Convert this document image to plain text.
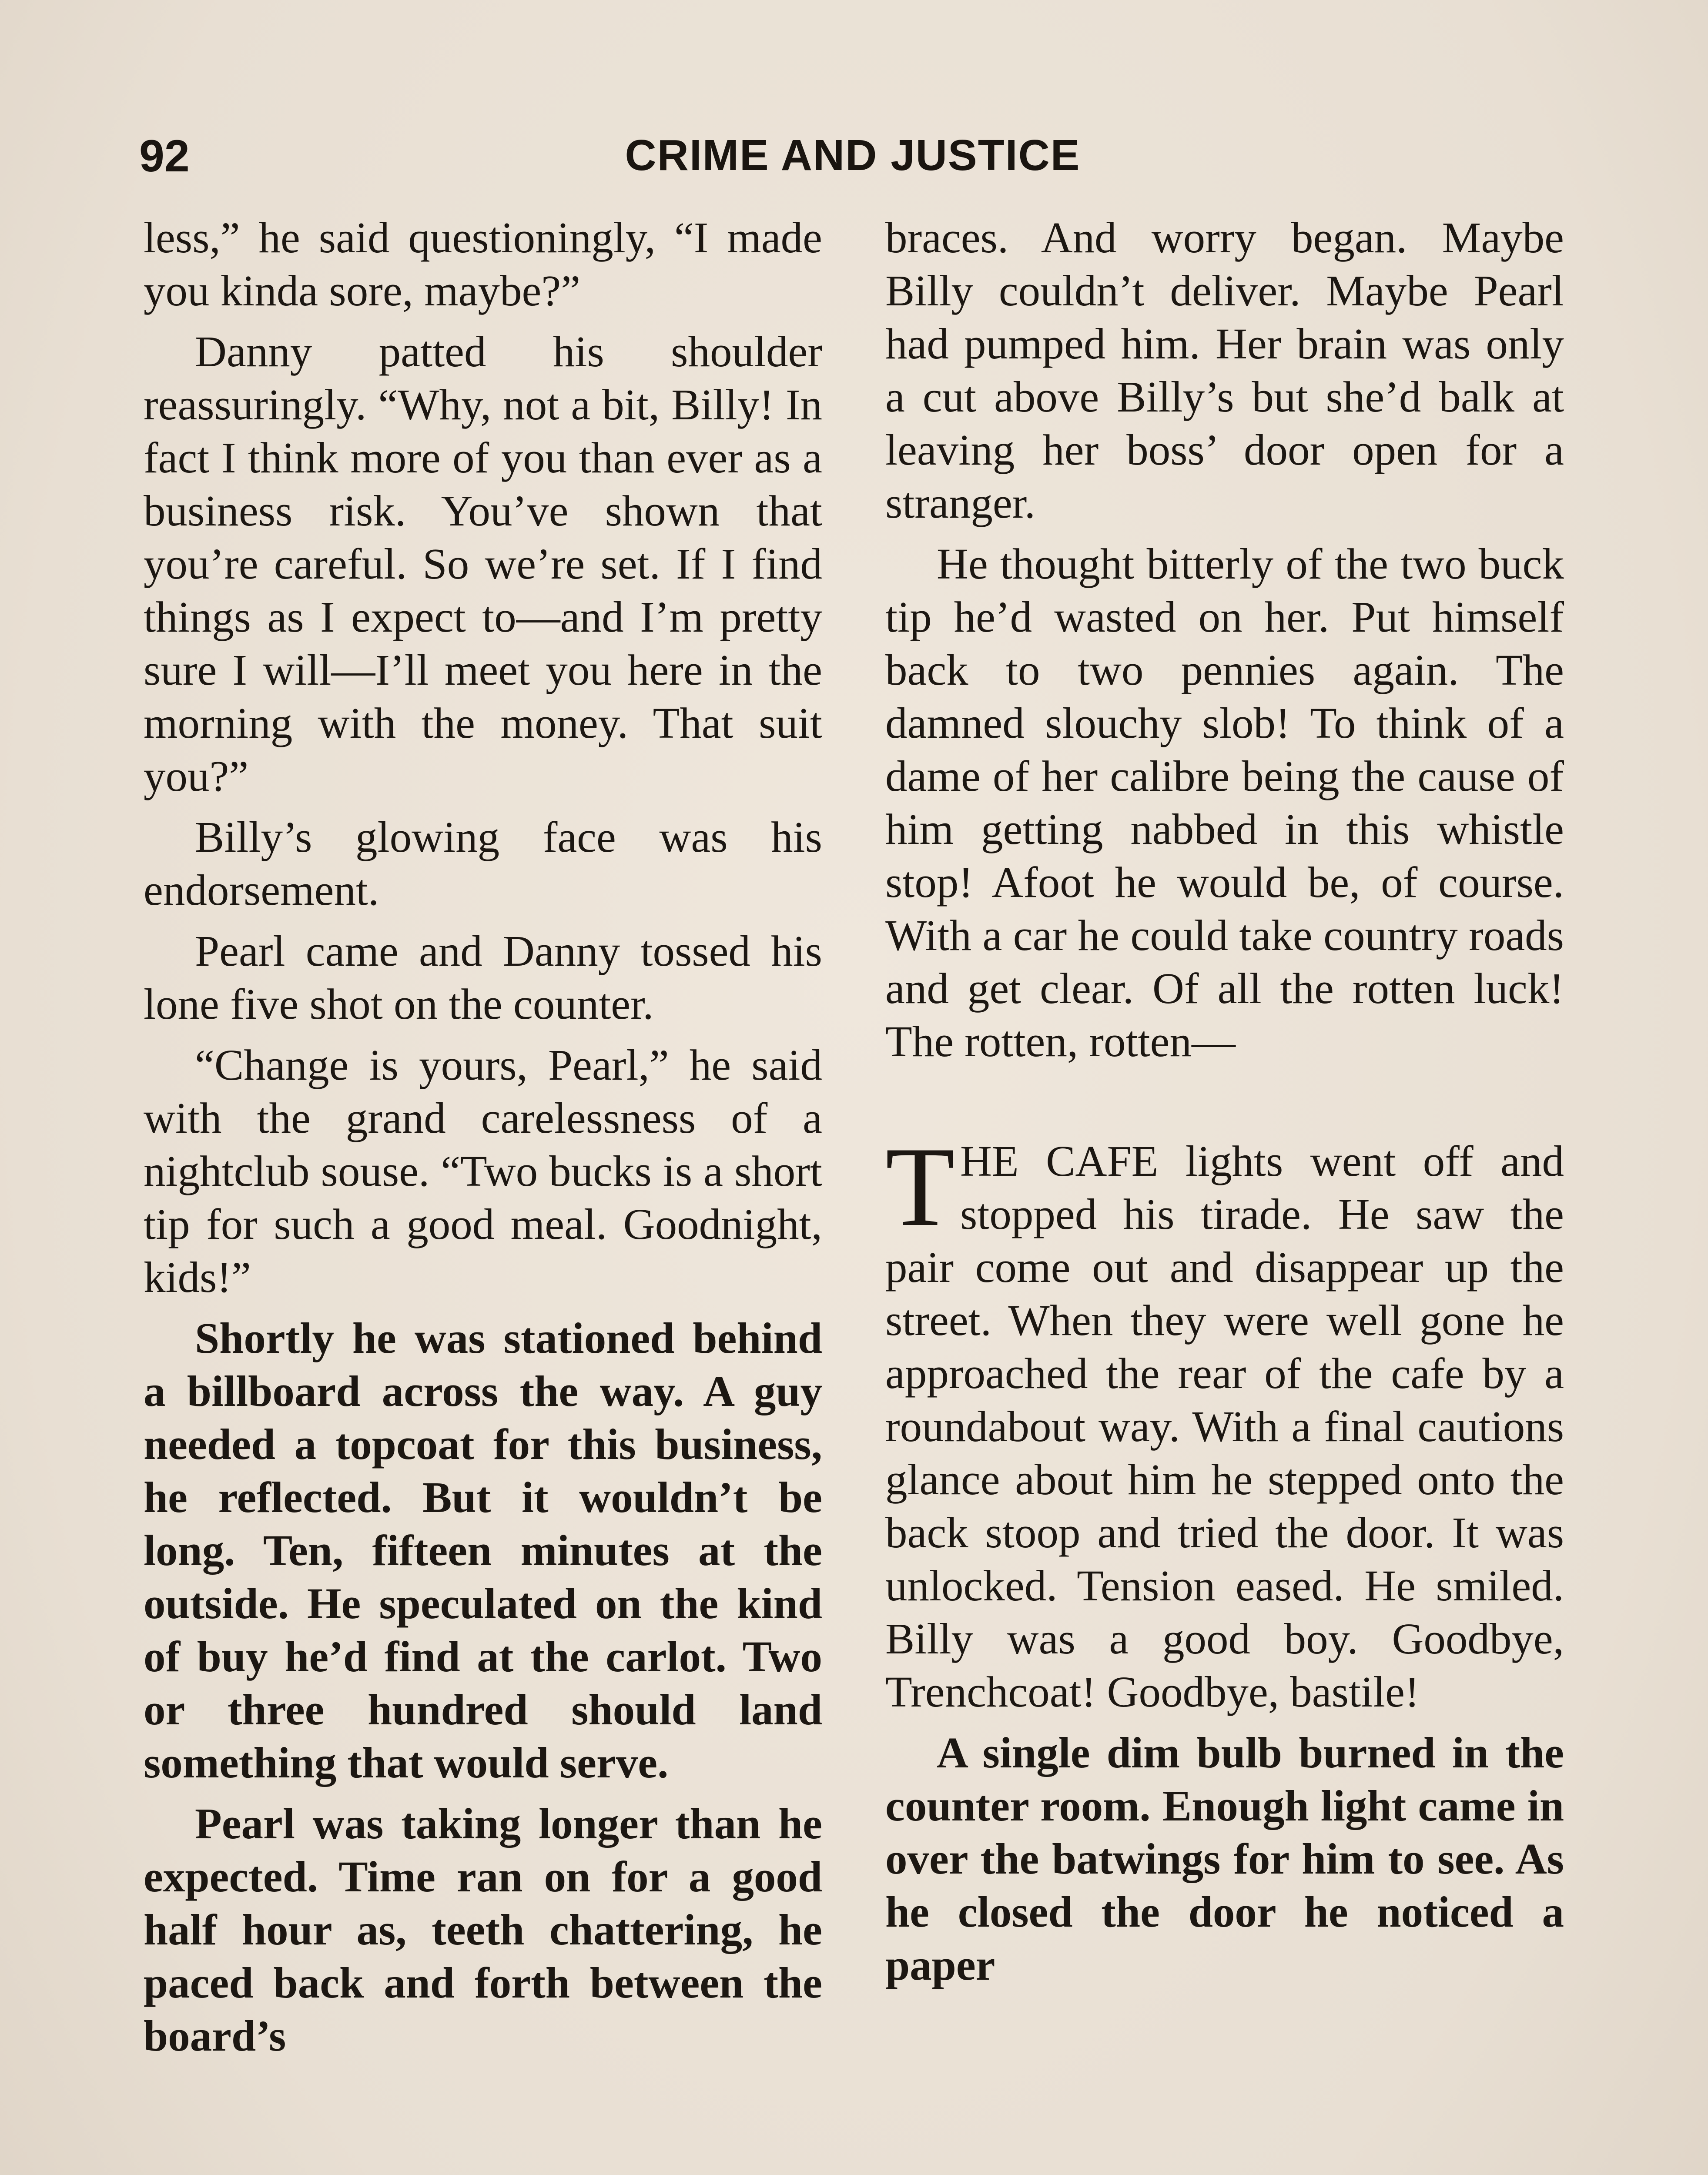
92	CRIME AND JUSTICE

less,” he said questioningly, “I made you kinda sore, maybe?”

Danny patted his shoulder reassuringly. “Why, not a bit, Billy! In fact I think more of you than ever as a business risk. You’ve shown that you’re careful. So we’re set. If I find things as I expect to—and I’m pretty sure I will—I’ll meet you here in the morning with the money. That suit you?”

Billy’s glowing face was his endorsement.

Pearl came and Danny tossed his lone five shot on the counter.

“Change is yours, Pearl,” he said with the grand carelessness of a nightclub souse. “Two bucks is a short tip for such a good meal. Goodnight, kids!”

Shortly he was stationed behind a billboard across the way. A guy needed a topcoat for this business, he reflected. But it wouldn’t be long. Ten, fifteen minutes at the outside. He speculated on the kind of buy he’d find at the carlot. Two or three hundred should land something that would serve.

Pearl was taking longer than he expected. Time ran on for a good half hour as, teeth chattering, he paced back and forth between the board’s

braces. And worry began. Maybe Billy couldn’t deliver. Maybe Pearl had pumped him. Her brain was only a cut above Billy’s but she’d balk at leaving her boss’ door open for a stranger.

He thought bitterly of the two buck tip he’d wasted on her. Put himself back to two pennies again. The damned slouchy slob! To think of a dame of her calibre being the cause of him getting nabbed in this whistle stop! Afoot he would be, of course. With a car he could take country roads and get clear. Of all the rotten luck! The rotten, rotten—

THE CAFE lights went off and stopped his tirade. He saw the pair come out and disappear up the street. When they were well gone he approached the rear of the cafe by a roundabout way. With a final cautions glance about him he stepped onto the back stoop and tried the door. It was unlocked. Tension eased. He smiled. Billy was a good boy. Goodbye, Trenchcoat! Goodbye, bastile!

A single dim bulb burned in the counter room. Enough light came in over the batwings for him to see. As he closed the door he noticed a paper
